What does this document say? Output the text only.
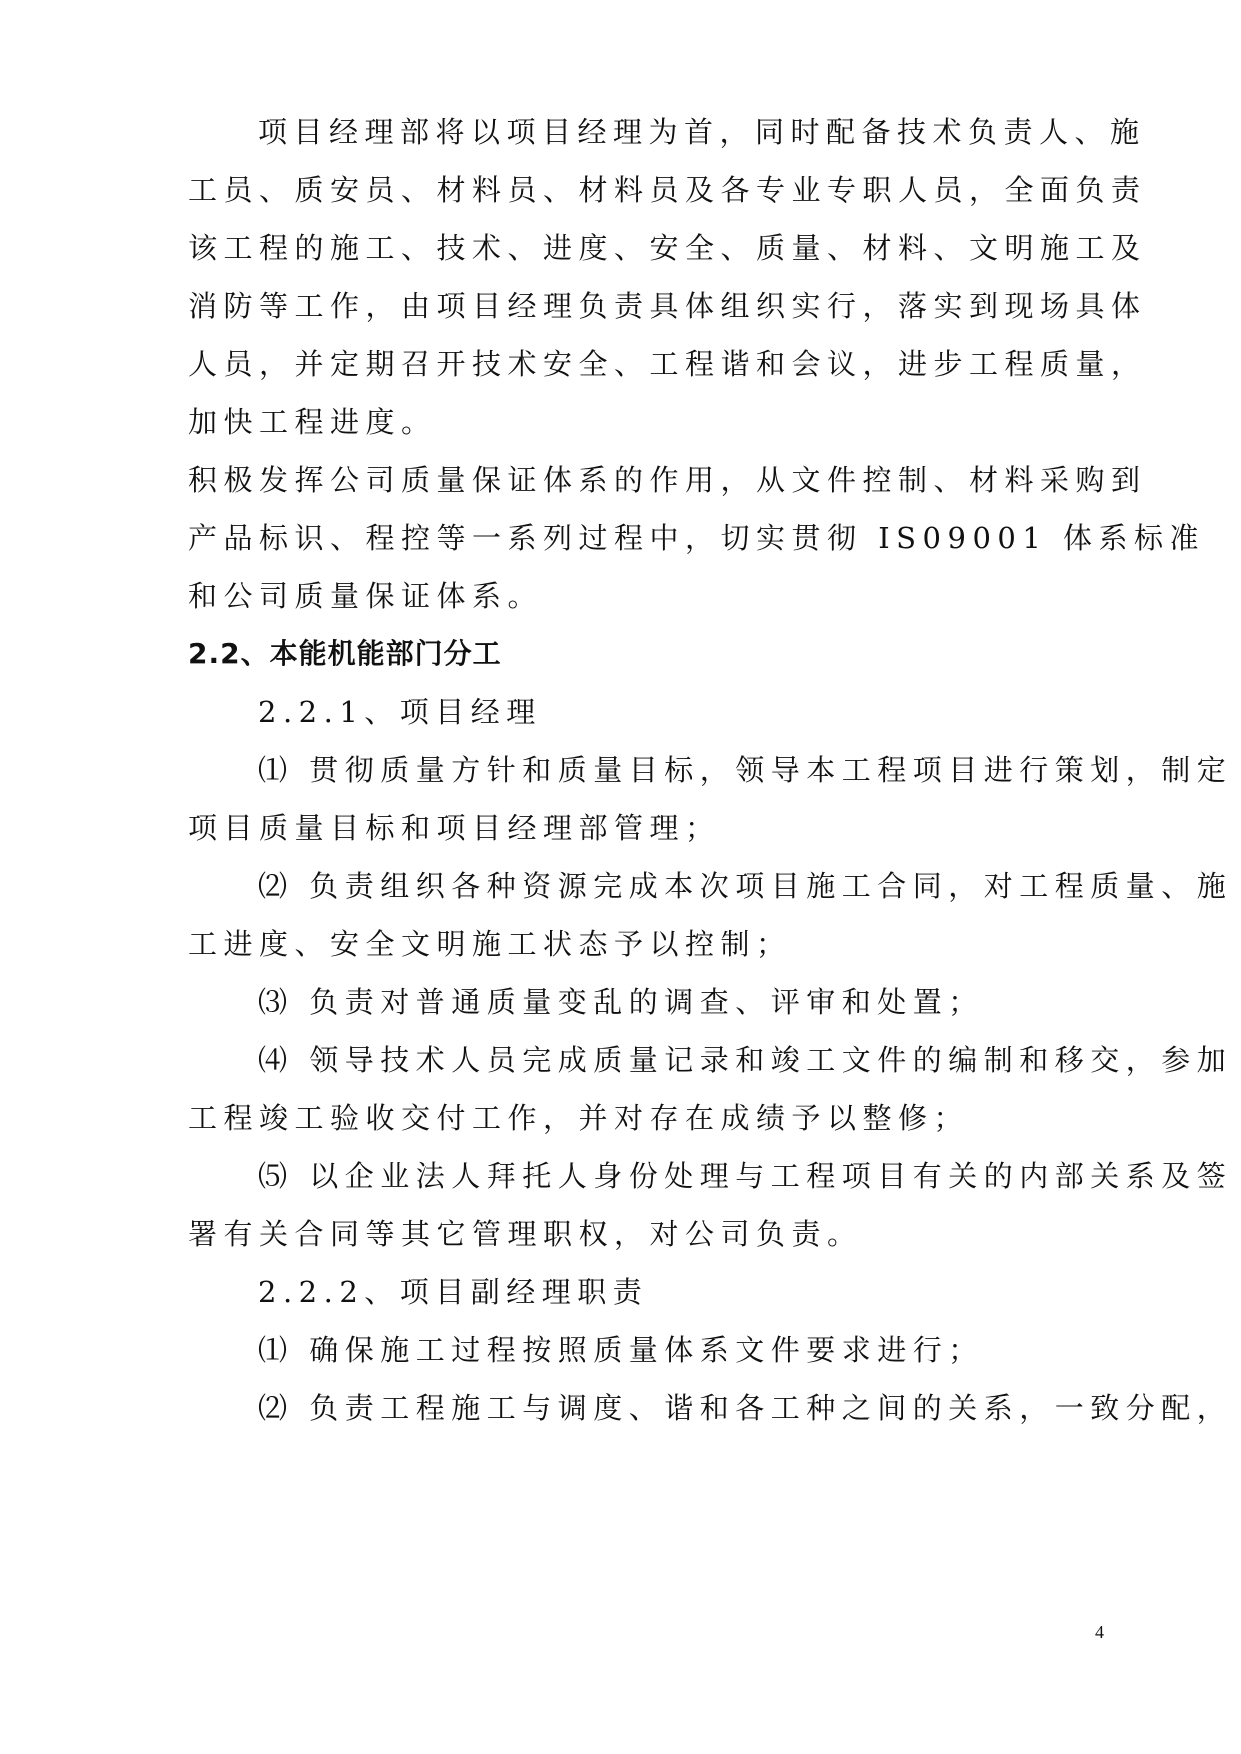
项目经理部将以项目经理为首，同时配备技术负责人、施
工员、质安员、材料员、材料员及各专业专职人员，全面负责
该工程的施工、技术、进度、安全、质量、材料、文明施工及
消防等工作，由项目经理负责具体组织实行，落实到现场具体
人员，并定期召开技术安全、工程谐和会议，进步工程质量，
加快工程进度。
积极发挥公司质量保证体系的作用，从文件控制、材料采购到
产品标识、程控等一系列过程中，切实贯彻 IS09001 体系标准
和公司质量保证体系。
2.2、本能机能部门分工
2.2.1、项目经理
⑴ 贯彻质量方针和质量目标，领导本工程项目进行策划，制定
项目质量目标和项目经理部管理；
⑵ 负责组织各种资源完成本次项目施工合同，对工程质量、施
工进度、安全文明施工状态予以控制；
⑶ 负责对普通质量变乱的调查、评审和处置；
⑷ 领导技术人员完成质量记录和竣工文件的编制和移交，参加
工程竣工验收交付工作，并对存在成绩予以整修；
⑸ 以企业法人拜托人身份处理与工程项目有关的内部关系及签
署有关合同等其它管理职权，对公司负责。
2.2.2、项目副经理职责
⑴ 确保施工过程按照质量体系文件要求进行；
⑵ 负责工程施工与调度、谐和各工种之间的关系，一致分配，
4
